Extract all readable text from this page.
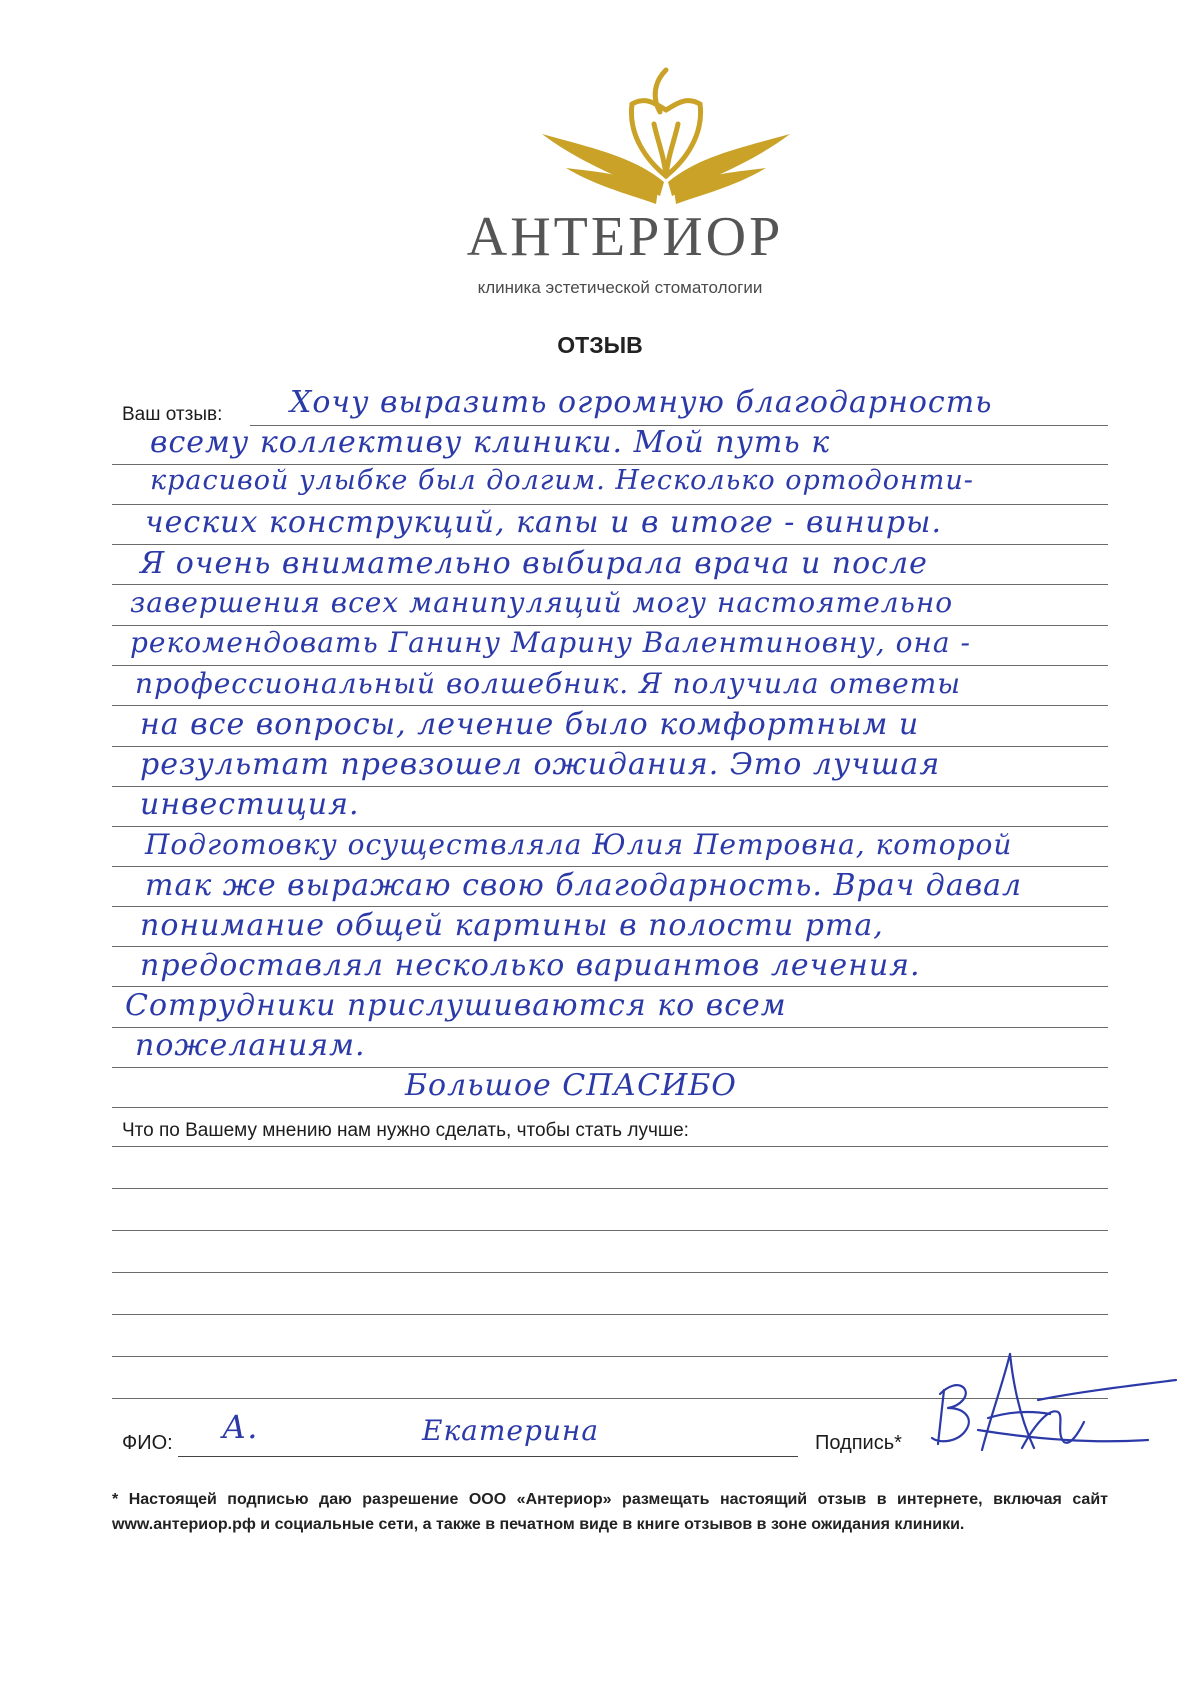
АНТЕРИОР
клиника эстетической стоматологии
ОТЗЫВ
Ваш отзыв: Хочу выразить огромную благодарность
всему коллективу клиники. Мой путь к
красивой улыбке был долгим. Несколько ортодонти-
ческих конструкций, капы и в итоге - виниры.
Я очень внимательно выбирала врача и после
завершения всех манипуляций могу настоятельно
рекомендовать Ганину Марину Валентиновну, она -
профессиональный волшебник. Я получила ответы
на все вопросы, лечение было комфортным и
результат превзошел ожидания. Это лучшая
инвестиция.
Подготовку осуществляла Юлия Петровна, которой
так же выражаю свою благодарность. Врач давал
понимание общей картины в полости рта,
предоставлял несколько вариантов лечения.
Сотрудники прислушиваются ко всем
пожеланиям.
Большое СПАСИБО
Что по Вашему мнению нам нужно сделать, чтобы стать лучше:
ФИО: А.	Екатерина	Подпись*
* Настоящей подписью даю разрешение ООО «Антериор» размещать настоящий отзыв в интернете, включая сайт www.антериор.рф и социальные сети, а также в печатном виде в книге отзывов в зоне ожидания клиники.
